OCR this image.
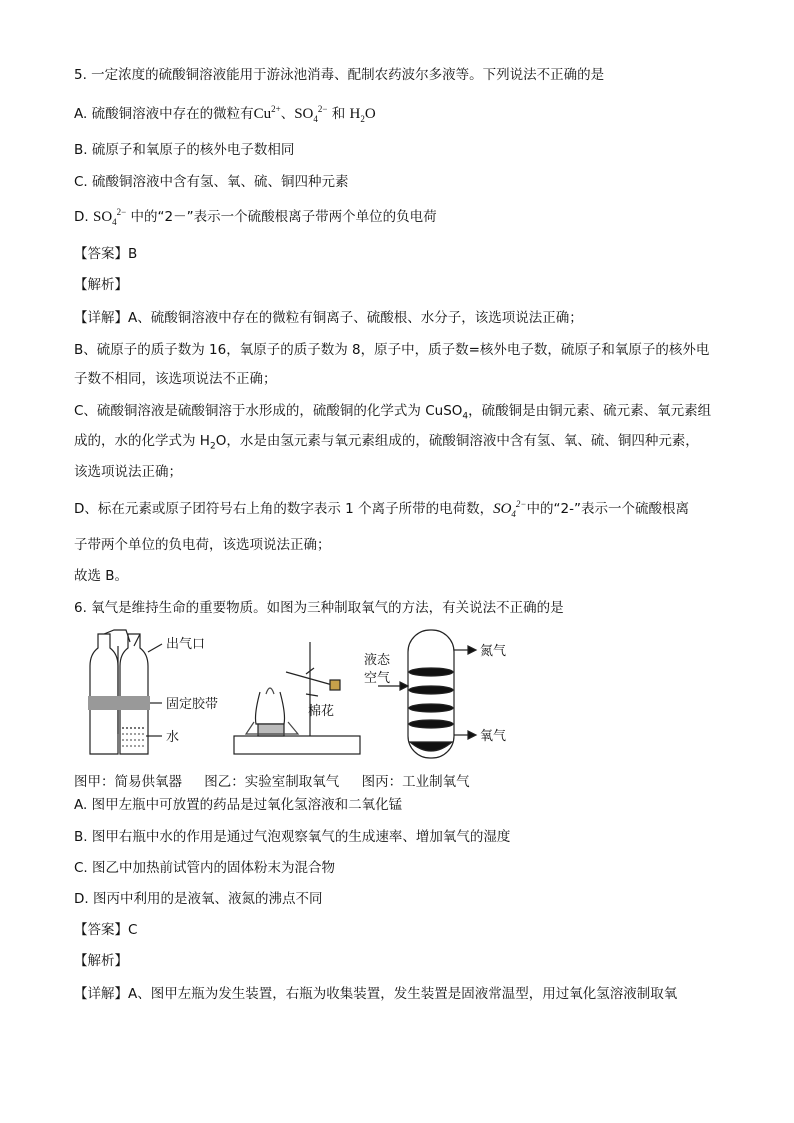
5. 一定浓度的硫酸铜溶液能用于游泳池消毒、配制农药波尔多液等。下列说法不正确的是
A. 硫酸铜溶液中存在的微粒有$Cu^{2+}$、$SO_4^{2-}$ 和 $H_2O$
B. 硫原子和氧原子的核外电子数相同
C. 硫酸铜溶液中含有氢、氧、硫、铜四种元素
D. $SO_4^{2-}$ 中的“2－”表示一个硫酸根离子带两个单位的负电荷
【答案】B
【解析】
【详解】A、硫酸铜溶液中存在的微粒有铜离子、硫酸根、水分子，该选项说法正确；
B、硫原子的质子数为 16，氧原子的质子数为 8，原子中，质子数=核外电子数，硫原子和氧原子的核外电
子数不相同，该选项说法不正确；
C、硫酸铜溶液是硫酸铜溶于水形成的，硫酸铜的化学式为 CuSO$_4$，硫酸铜是由铜元素、硫元素、氧元素组
成的，水的化学式为 $H_2O$，水是由氢元素与氧元素组成的，硫酸铜溶液中含有氢、氧、硫、铜四种元素，
该选项说法正确；
D、标在元素或原子团符号右上角的数字表示 1 个离子所带的电荷数，$SO_4^{2-}$中的“2-”表示一个硫酸根离
子带两个单位的负电荷，该选项说法正确；
故选 B。
6. 氧气是维持生命的重要物质。如图为三种制取氧气的方法，有关说法不正确的是
出气口
固定胶带
水
棉花
液态
空气
氮气
氧气
图甲：简易供氧器 图乙：实验室制取氧气 图丙：工业制氧气
A. 图甲左瓶中可放置的药品是过氧化氢溶液和二氧化锰
B. 图甲右瓶中水的作用是通过气泡观察氧气的生成速率、增加氧气的湿度
C. 图乙中加热前试管内的固体粉末为混合物
D. 图丙中利用的是液氧、液氮的沸点不同
【答案】C
【解析】
【详解】A、图甲左瓶为发生装置，右瓶为收集装置，发生装置是固液常温型，用过氧化氢溶液制取氧
